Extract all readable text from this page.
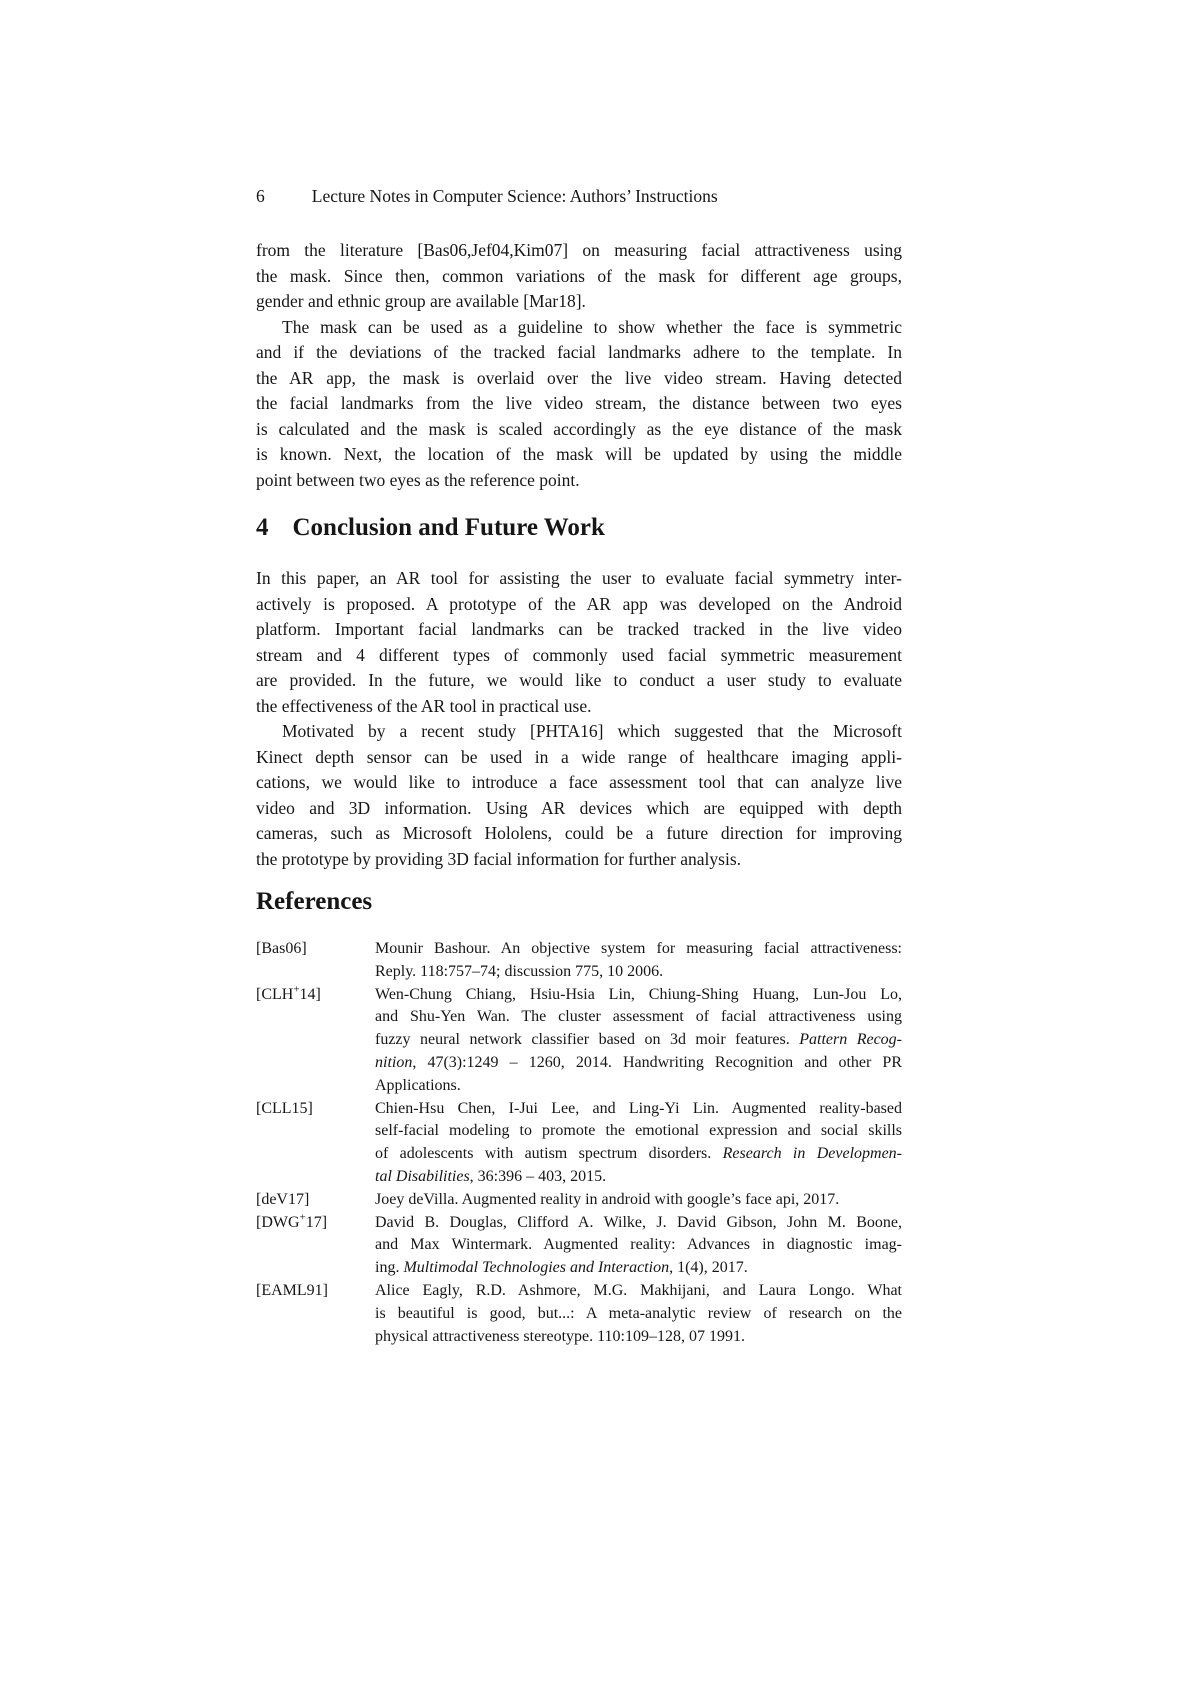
6	Lecture Notes in Computer Science: Authors’ Instructions
from the literature [Bas06,Jef04,Kim07] on measuring facial attractiveness using
the mask. Since then, common variations of the mask for different age groups,
gender and ethnic group are available [Mar18].
The mask can be used as a guideline to show whether the face is symmetric
and if the deviations of the tracked facial landmarks adhere to the template. In
the AR app, the mask is overlaid over the live video stream. Having detected
the facial landmarks from the live video stream, the distance between two eyes
is calculated and the mask is scaled accordingly as the eye distance of the mask
is known. Next, the location of the mask will be updated by using the middle
point between two eyes as the reference point.
4 Conclusion and Future Work
In this paper, an AR tool for assisting the user to evaluate facial symmetry inter-
actively is proposed. A prototype of the AR app was developed on the Android
platform. Important facial landmarks can be tracked tracked in the live video
stream and 4 different types of commonly used facial symmetric measurement
are provided. In the future, we would like to conduct a user study to evaluate
the effectiveness of the AR tool in practical use.
Motivated by a recent study [PHTA16] which suggested that the Microsoft
Kinect depth sensor can be used in a wide range of healthcare imaging appli-
cations, we would like to introduce a face assessment tool that can analyze live
video and 3D information. Using AR devices which are equipped with depth
cameras, such as Microsoft Hololens, could be a future direction for improving
the prototype by providing 3D facial information for further analysis.
References
[Bas06]	Mounir Bashour. An objective system for measuring facial attractiveness:
Reply. 118:757–74; discussion 775, 10 2006.
[CLH+14]	Wen-Chung Chiang, Hsiu-Hsia Lin, Chiung-Shing Huang, Lun-Jou Lo,
and Shu-Yen Wan. The cluster assessment of facial attractiveness using
fuzzy neural network classifier based on 3d moir features. Pattern Recog-
nition, 47(3):1249 – 1260, 2014. Handwriting Recognition and other PR
Applications.
[CLL15]	Chien-Hsu Chen, I-Jui Lee, and Ling-Yi Lin. Augmented reality-based
self-facial modeling to promote the emotional expression and social skills
of adolescents with autism spectrum disorders. Research in Developmen-
tal Disabilities, 36:396 – 403, 2015.
[deV17]	Joey deVilla. Augmented reality in android with google’s face api, 2017.
[DWG+17]	David B. Douglas, Clifford A. Wilke, J. David Gibson, John M. Boone,
and Max Wintermark. Augmented reality: Advances in diagnostic imag-
ing. Multimodal Technologies and Interaction, 1(4), 2017.
[EAML91]	Alice Eagly, R.D. Ashmore, M.G. Makhijani, and Laura Longo. What
is beautiful is good, but...: A meta-analytic review of research on the
physical attractiveness stereotype. 110:109–128, 07 1991.
